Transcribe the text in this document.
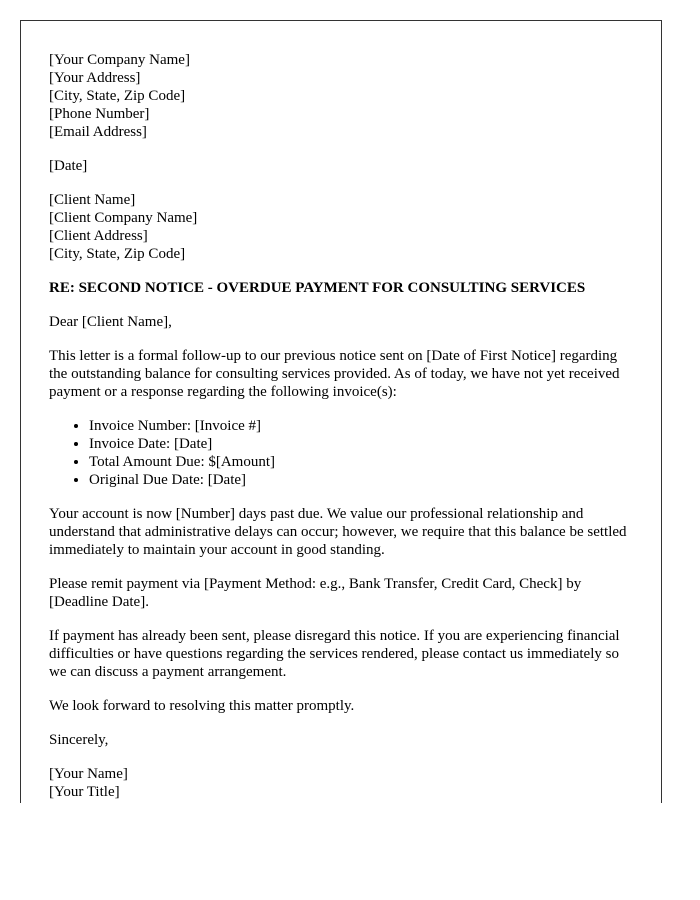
[Your Company Name]
[Your Address]
[City, State, Zip Code]
[Phone Number]
[Email Address]

[Date]

[Client Name]
[Client Company Name]
[Client Address]
[City, State, Zip Code]

RE: SECOND NOTICE - OVERDUE PAYMENT FOR CONSULTING SERVICES

Dear [Client Name],

This letter is a formal follow-up to our previous notice sent on [Date of First Notice] regarding the outstanding balance for consulting services provided. As of today, we have not yet received payment or a response regarding the following invoice(s):

• Invoice Number: [Invoice #]
• Invoice Date: [Date]
• Total Amount Due: $[Amount]
• Original Due Date: [Date]

Your account is now [Number] days past due. We value our professional relationship and understand that administrative delays can occur; however, we require that this balance be settled immediately to maintain your account in good standing.

Please remit payment via [Payment Method: e.g., Bank Transfer, Credit Card, Check] by [Deadline Date].

If payment has already been sent, please disregard this notice. If you are experiencing financial difficulties or have questions regarding the services rendered, please contact us immediately so we can discuss a payment arrangement.

We look forward to resolving this matter promptly.

Sincerely,

[Your Name]
[Your Title]
